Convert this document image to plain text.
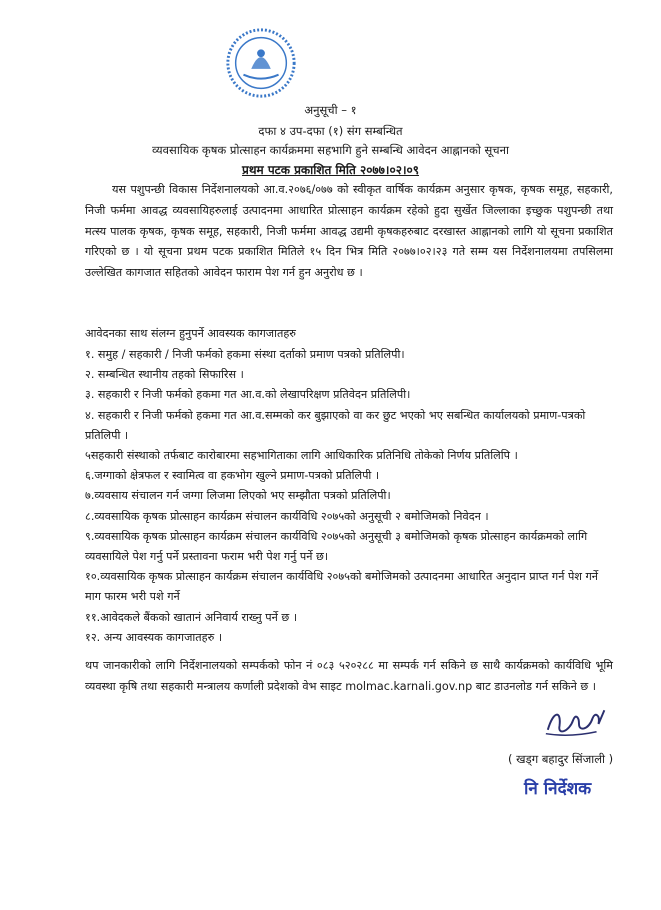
अनुसूची – १
दफा ४ उप-दफा (१) संग सम्बन्धित
व्यवसायिक कृषक प्रोत्साहन कार्यक्रममा सहभागि हुने सम्बन्धि आवेदन आह्नानको सूचना
प्रथम पटक प्रकाशित मिति २०७७।०२।०९
यस पशुपन्छी विकास निर्देशनालयको आ.व.२०७६/०७७ को स्वीकृत वार्षिक कार्यक्रम अनुसार कृषक, कृषक समूह, सहकारी, निजी फर्ममा आवद्ध व्यवसायिहरुलाई उत्पादनमा आधारित प्रोत्साहन कार्यक्रम रहेको हुदा सुर्खेत जिल्लाका इच्छुक पशुपन्छी तथा मत्स्य पालक कृषक, कृषक समूह, सहकारी, निजी फर्ममा आवद्ध उद्यमी कृषकहरुबाट दरखास्त आह्नानको लागि यो सूचना प्रकाशित गरिएको छ । यो सूचना प्रथम पटक प्रकाशित मितिले १५ दिन भित्र मिति २०७७।०२।२३ गते सम्म यस निर्देशनालयमा तपसिलमा उल्लेखित कागजात सहितको आवेदन फाराम पेश गर्न हुन अनुरोध छ ।
आवेदनका साथ संलग्न हुनुपर्ने आवस्यक कागजातहरु
१. समुह / सहकारी / निजी फर्मको हकमा संस्था दर्ताको प्रमाण पत्रको प्रतिलिपी।
२. सम्बन्धित स्थानीय तहको सिफारिस ।
३. सहकारी र निजी फर्मको हकमा गत आ.व.को लेखापरिक्षण प्रतिवेदन प्रतिलिपी।
४. सहकारी र निजी फर्मको हकमा गत आ.व.सम्मको कर बुझाएको वा कर छुट भएको भए सबन्धित कार्यालयको प्रमाण-पत्रको प्रतिलिपी ।
५सहकारी संस्थाको तर्फबाट कारोबारमा सहभागिताका लागि आधिकारिक प्रतिनिधि तोकेको निर्णय प्रतिलिपि ।
६.जग्गाको क्षेत्रफल र स्वामित्व वा हकभोग खुल्ने प्रमाण-पत्रको प्रतिलिपी ।
७.व्यवसाय संचालन गर्न जग्गा लिजमा लिएको भए सम्झौता पत्रको प्रतिलिपी।
८.व्यवसायिक कृषक प्रोत्साहन कार्यक्रम संचालन कार्यविधि २०७५को अनुसूची २ बमोजिमको निवेदन ।
९.व्यवसायिक कृषक प्रोत्साहन कार्यक्रम संचालन कार्यविधि २०७५को अनुसूची ३ बमोजिमको कृषक प्रोत्साहन कार्यक्रमको लागि व्यवसायिले पेश गर्नु पर्ने प्रस्तावना फराम भरी पेश गर्नु पर्ने छ।
१०.व्यवसायिक कृषक प्रोत्साहन कार्यक्रम संचालन कार्यविधि २०७५को बमोजिमको उत्पादनमा आधारित अनुदान प्राप्त गर्न पेश गर्ने माग फारम भरी पशे गर्ने
११.आवेदकले बैंकको खातानं अनिवार्य राख्नु पर्ने छ ।
१२. अन्य आवस्यक कागजातहरु ।
थप जानकारीको लागि निर्देशनालयको सम्पर्कको फोन नं ०८३ ५२०२८८ मा सम्पर्क गर्न सकिने छ साथै कार्यक्रमको कार्यविधि भूमि व्यवस्था कृषि तथा सहकारी मन्त्रालय कर्णाली प्रदेशको वेभ साइट molmac.karnali.gov.np बाट डाउनलोड गर्न सकिने छ ।
( खड्ग बहादुर सिंजाली )
नि निर्देशक
